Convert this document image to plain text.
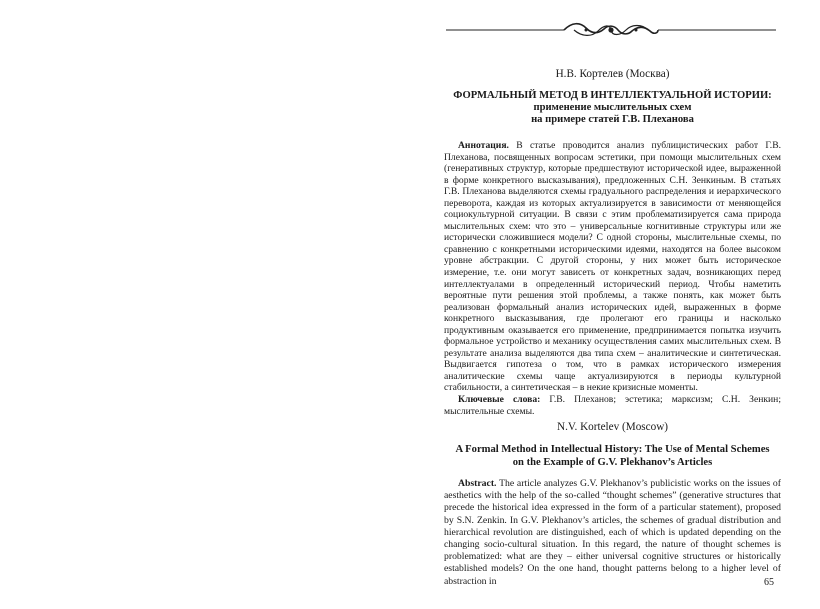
Н.В. Кортелев (Москва)
ФОРМАЛЬНЫЙ МЕТОД В ИНТЕЛЛЕКТУАЛЬНОЙ ИСТОРИИ:
применение мыслительных схем
на примере статей Г.В. Плеханова

Аннотация. В статье проводится анализ публицистических работ Г.В. Плеханова, посвященных вопросам эстетики, при помощи мыслительных схем (генеративных структур, которые предшествуют исторической идее, выраженной в форме конкретного высказывания), предложенных С.Н. Зенкиным. В статьях Г.В. Плеханова выделяются схемы градуального распределения и иерархического переворота, каждая из которых актуализируется в зависимости от меняющейся социокультурной ситуации. В связи с этим проблематизируется сама природа мыслительных схем: что это – универсальные когнитивные структуры или же исторически сложившиеся модели? С одной стороны, мыслительные схемы, по сравнению с конкретными историческими идеями, находятся на более высоком уровне абстракции. С другой стороны, у них может быть историческое измерение, т.е. они могут зависеть от конкретных задач, возникающих перед интеллектуалами в определенный исторический период. Чтобы наметить вероятные пути решения этой проблемы, а также понять, как может быть реализован формальный анализ исторических идей, выраженных в форме конкретного высказывания, где пролегают его границы и насколько продуктивным оказывается его применение, предпринимается попытка изучить формальное устройство и механику осуществления самих мыслительных схем. В результате анализа выделяются два типа схем – аналитические и синтетическая. Выдвигается гипотеза о том, что в рамках исторического измерения аналитические схемы чаще актуализируются в периоды культурной стабильности, а синтетическая – в некие кризисные моменты.

Ключевые слова: Г.В. Плеханов; эстетика; марксизм; С.Н. Зенкин; мыслительные схемы.

N.V. Kortelev (Moscow)
A Formal Method in Intellectual History: The Use of Mental Schemes
on the Example of G.V. Plekhanov’s Articles

Abstract. The article analyzes G.V. Plekhanov’s publicistic works on the issues of aesthetics with the help of the so-called “thought schemes” (generative structures that precede the historical idea expressed in the form of a particular statement), proposed by S.N. Zenkin. In G.V. Plekhanov’s articles, the schemes of gradual distribution and hierarchical revolution are distinguished, each of which is updated depending on the changing socio-cultural situation. In this regard, the nature of thought schemes is problematized: what are they – either universal cognitive structures or historically established models? On the one hand, thought patterns belong to a higher level of abstraction in	65
